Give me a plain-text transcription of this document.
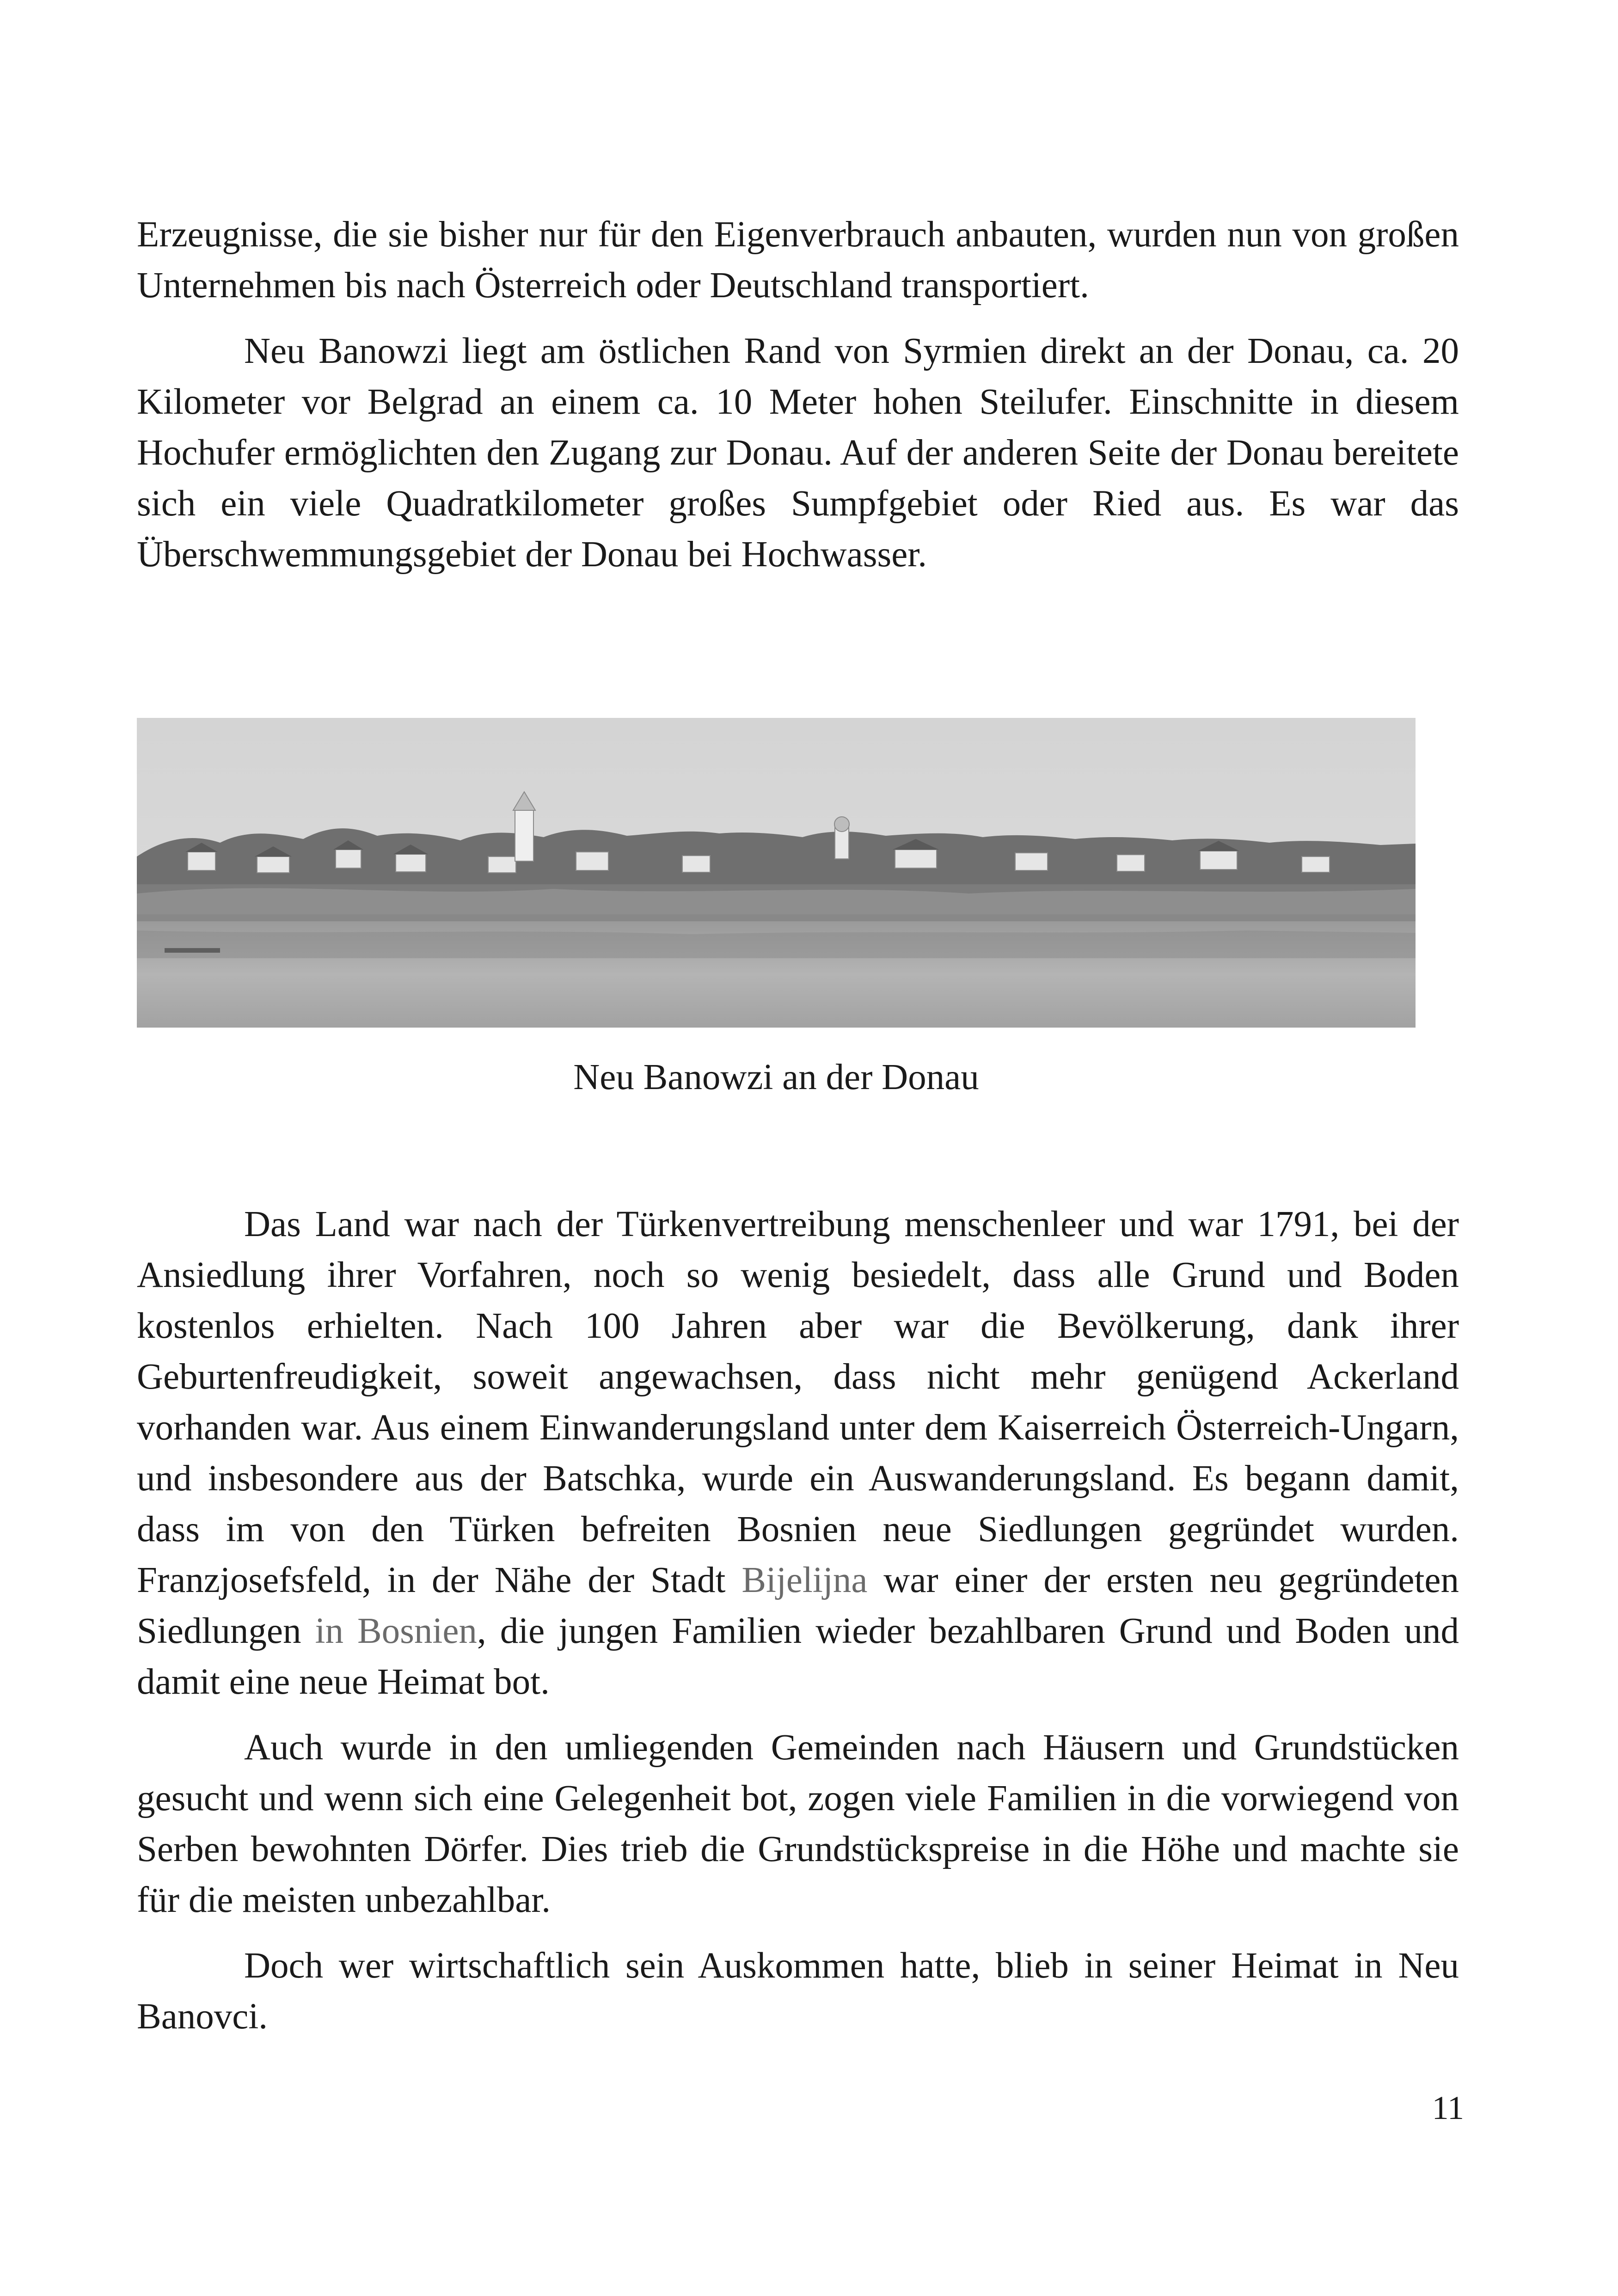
Erzeugnisse, die sie bisher nur für den Eigenverbrauch anbauten, wurden nun von großen Unternehmen bis nach Österreich oder Deutschland transportiert.

Neu Banowzi liegt am östlichen Rand von Syrmien direkt an der Donau, ca. 20 Kilometer vor Belgrad an einem ca. 10 Meter hohen Steilufer. Einschnitte in diesem Hochufer ermöglichten den Zugang zur Donau. Auf der anderen Seite der Donau bereitete sich ein viele Quadratkilometer großes Sumpfgebiet oder Ried aus. Es war das Überschwemmungsgebiet der Donau bei Hochwasser.

Neu Banowzi an der Donau

Das Land war nach der Türkenvertreibung menschenleer und war 1791, bei der Ansiedlung ihrer Vorfahren, noch so wenig besiedelt, dass alle Grund und Boden kostenlos erhielten. Nach 100 Jahren aber war die Bevölkerung, dank ihrer Geburtenfreudigkeit, soweit angewachsen, dass nicht mehr genügend Ackerland vorhanden war. Aus einem Einwanderungsland unter dem Kaiserreich Österreich-Ungarn, und insbesondere aus der Batschka, wurde ein Auswanderungsland. Es begann damit, dass im von den Türken befreiten Bosnien neue Siedlungen gegründet wurden. Franzjosefsfeld, in der Nähe der Stadt Bijelijna war einer der ersten neu gegründeten Siedlungen in Bosnien, die jungen Familien wieder bezahlbaren Grund und Boden und damit eine neue Heimat bot.

Auch wurde in den umliegenden Gemeinden nach Häusern und Grundstücken gesucht und wenn sich eine Gelegenheit bot, zogen viele Familien in die vorwiegend von Serben bewohnten Dörfer. Dies trieb die Grundstückspreise in die Höhe und machte sie für die meisten unbezahlbar.

Doch wer wirtschaftlich sein Auskommen hatte, blieb in seiner Heimat in Neu Banovci.

11
